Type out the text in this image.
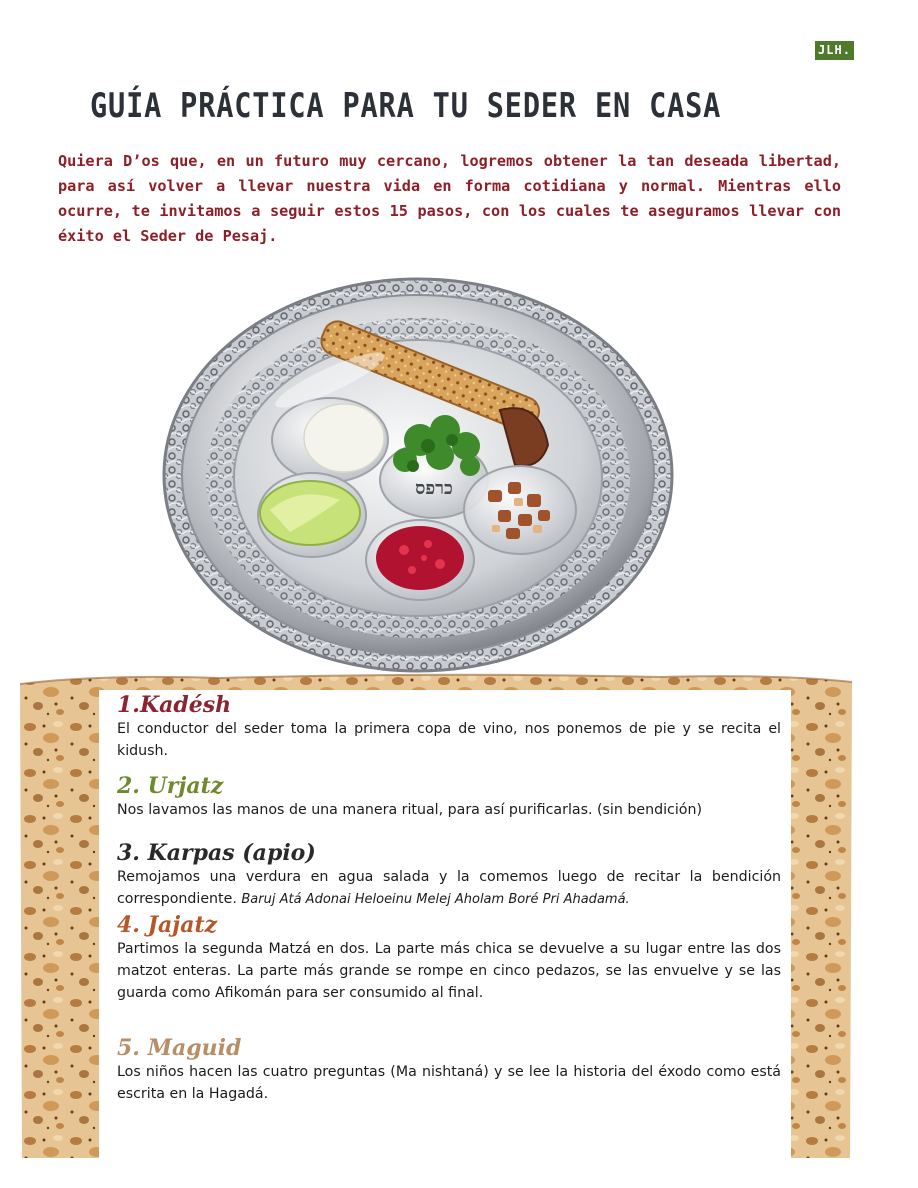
JLH.
GUÍA PRÁCTICA PARA TU SEDER EN CASA

Quiera D’os que, en un futuro muy cercano, logremos obtener la tan deseada libertad, para así volver a llevar nuestra vida en forma cotidiana y normal. Mientras ello ocurre, te invitamos a seguir estos 15 pasos, con los cuales te aseguramos llevar con éxito el Seder de Pesaj.

כרפס
1.Kadésh

El conductor del seder toma la primera copa de vino, nos ponemos de pie y se recita el kidush.

2. Urjatz

Nos lavamos las manos de una manera ritual, para así purificarlas. (sin bendición)

3. Karpas (apio)

Remojamos una verdura en agua salada y la comemos luego de recitar la bendición correspondiente. Baruj Atá Adonai Heloeinu Melej Aholam Boré Pri Ahadamá.

4. Jajatz

Partimos la segunda Matzá en dos. La parte más chica se devuelve a su lugar entre las dos matzot enteras. La parte más grande se rompe en cinco pedazos, se las envuelve y se las guarda como Afikomán para ser consumido al final.

5. Maguid

Los niños hacen las cuatro preguntas (Ma nishtaná) y se lee la historia del éxodo como está escrita en la Hagadá.
